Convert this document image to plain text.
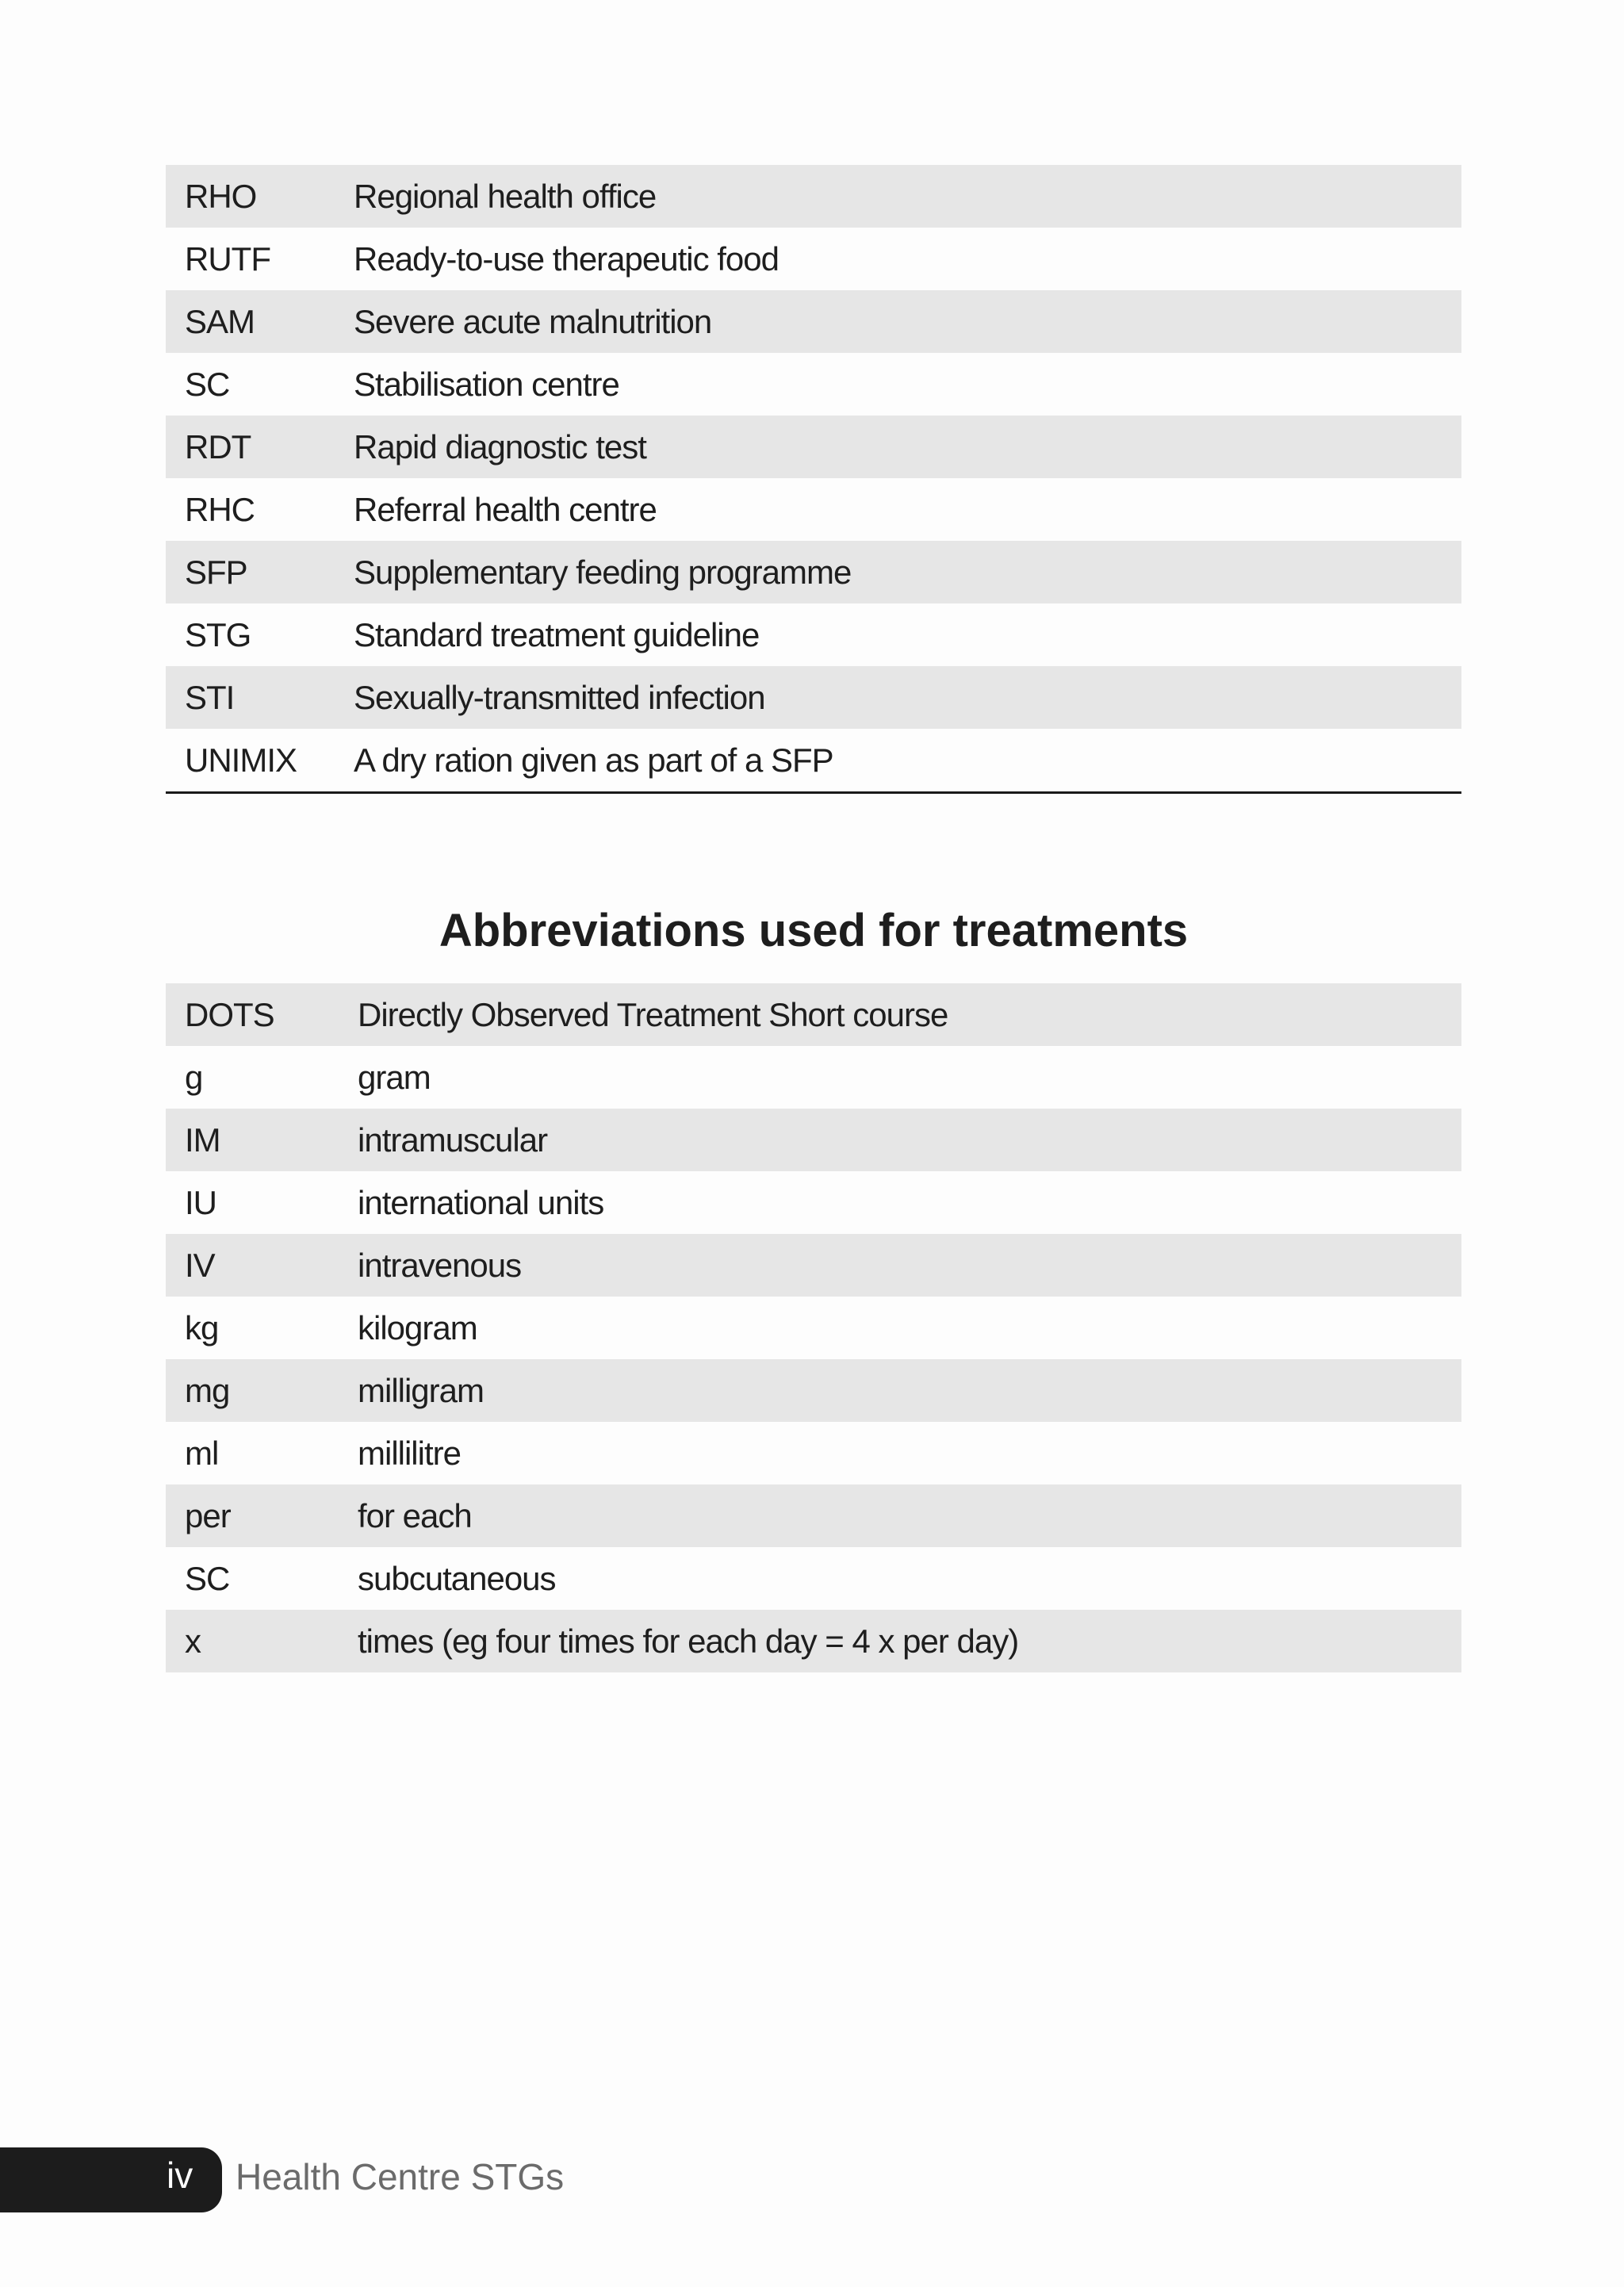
RHO	Regional health office
RUTF	Ready-to-use therapeutic food
SAM	Severe acute malnutrition
SC	Stabilisation centre
RDT	Rapid diagnostic test
RHC	Referral health centre
SFP	Supplementary feeding programme
STG	Standard treatment guideline
STI	Sexually-transmitted infection
UNIMIX	A dry ration given as part of a SFP
Abbreviations used for treatments
DOTS	Directly Observed Treatment Short course
g	gram
IM	intramuscular
IU	international units
IV	intravenous
kg	kilogram
mg	milligram
ml	millilitre
per	for each
SC	subcutaneous
x	times (eg four times for each day = 4 x per day)
iv Health Centre STGs
